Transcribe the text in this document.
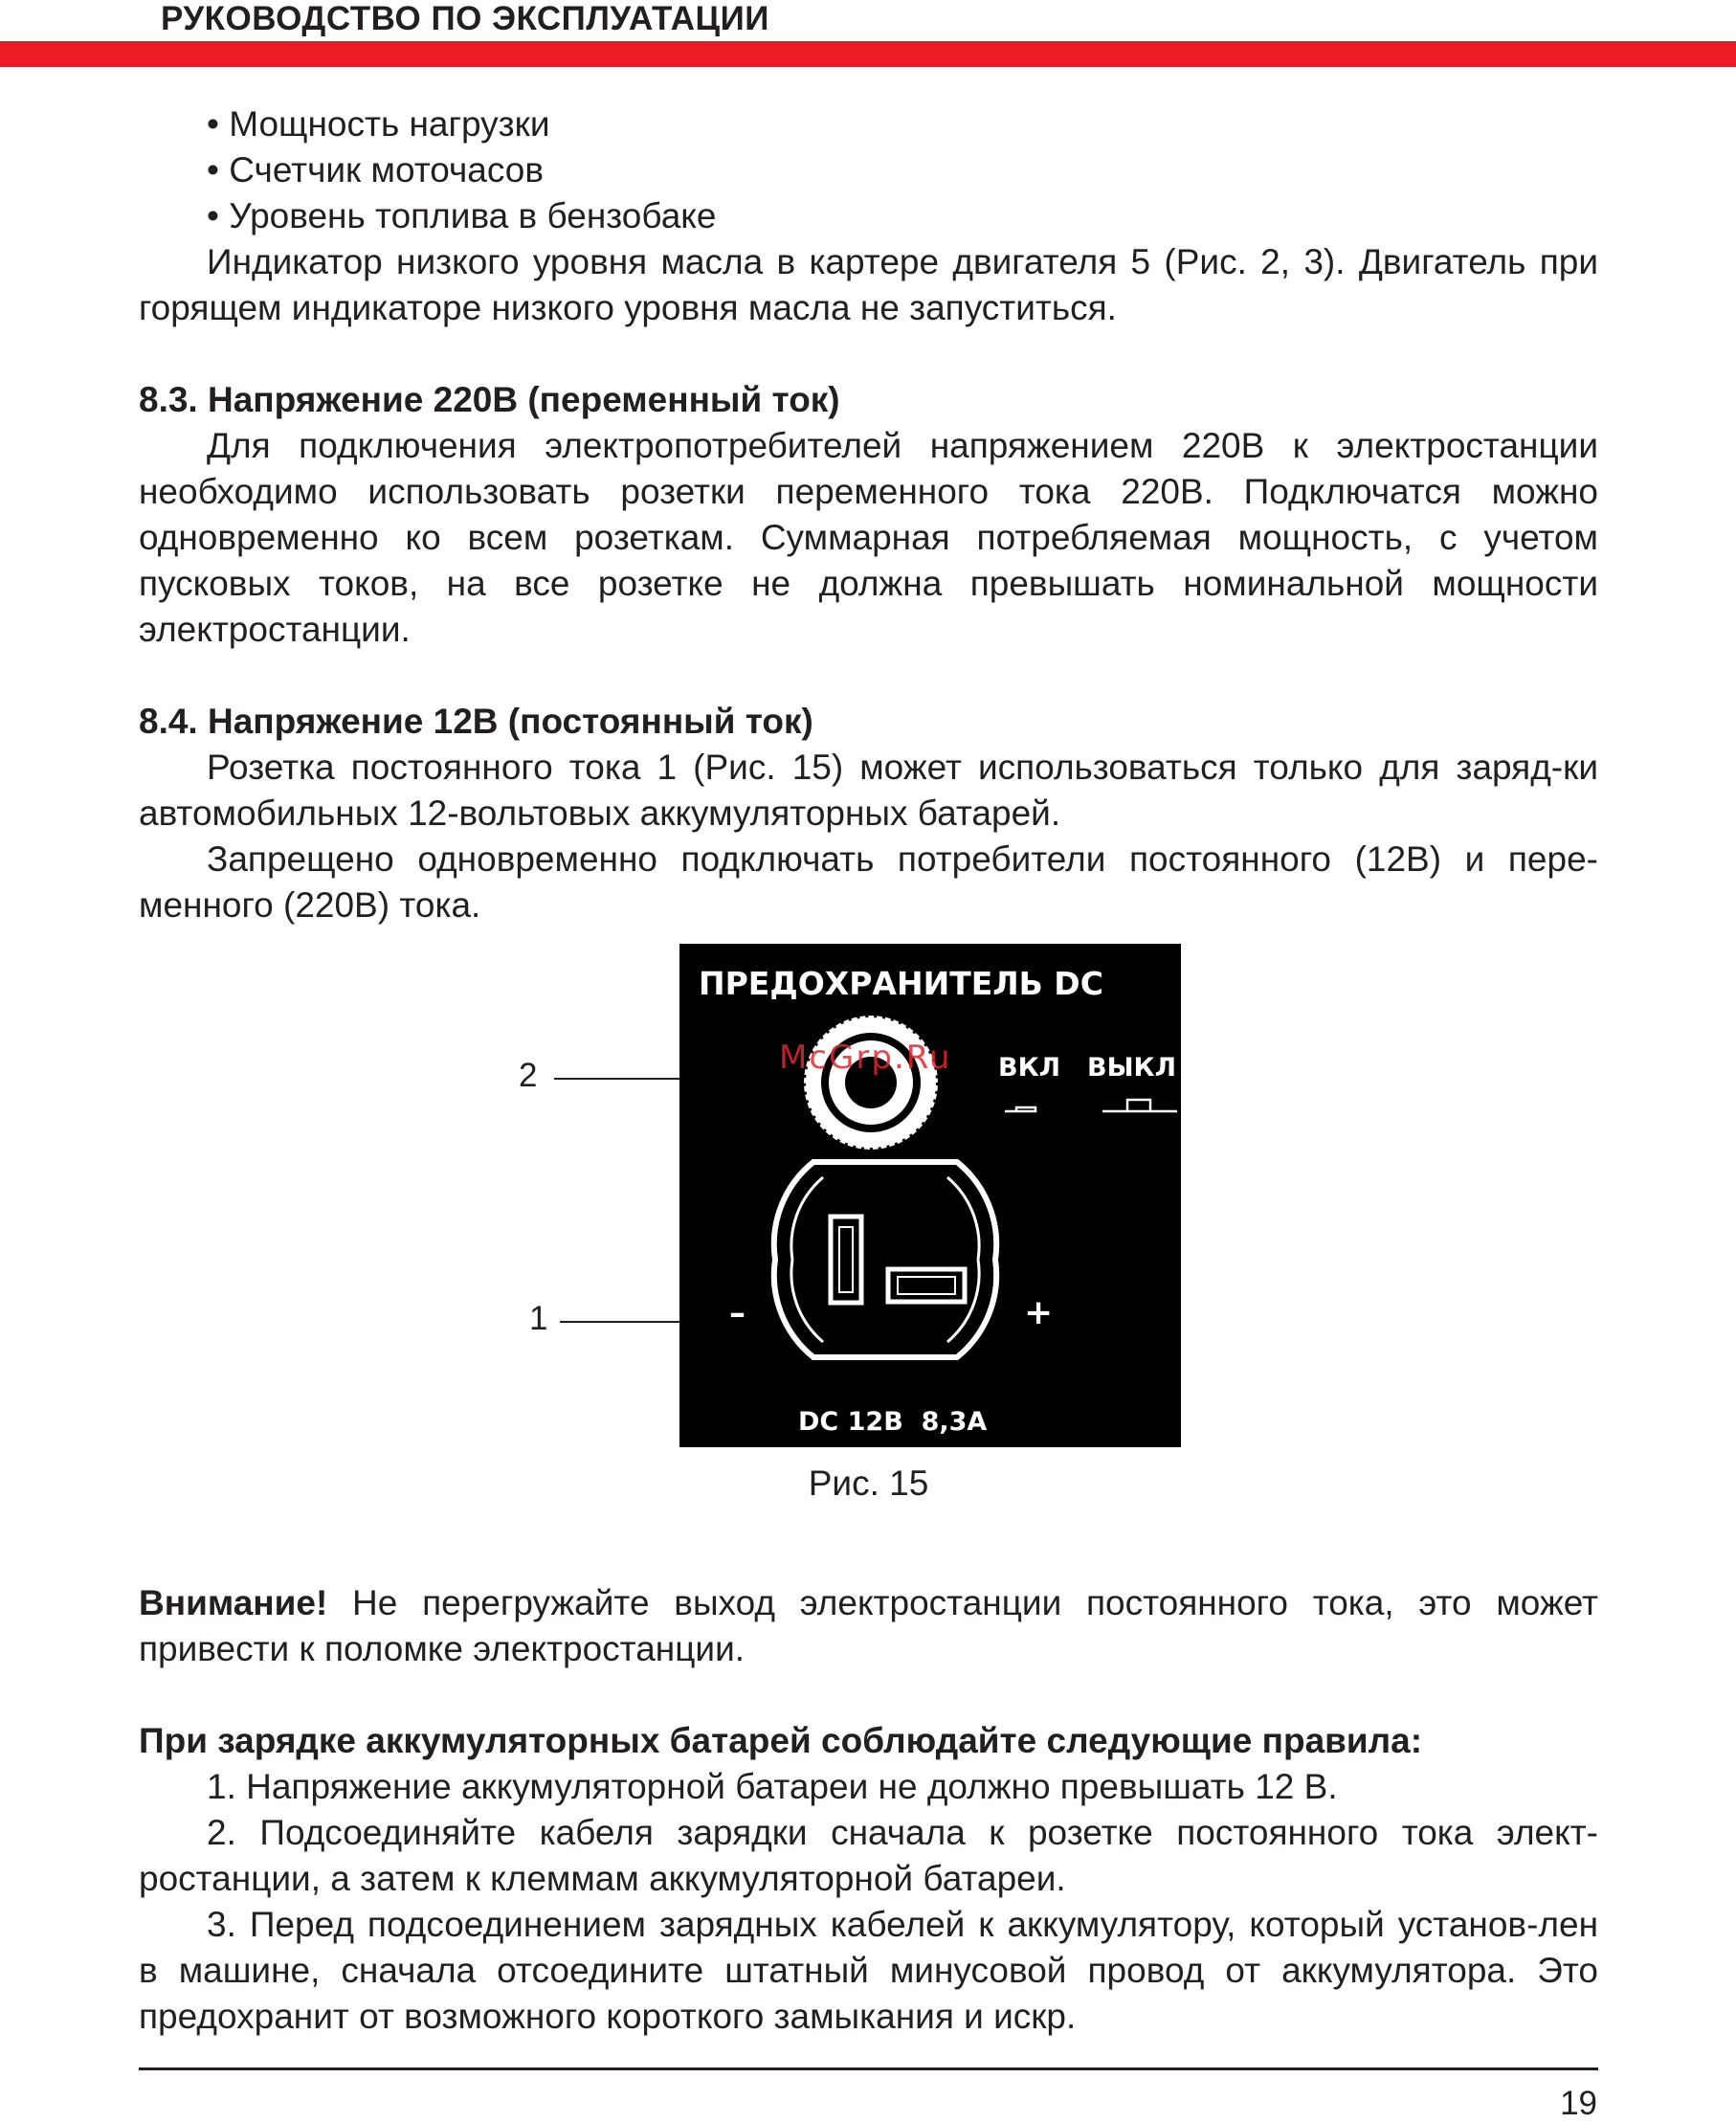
РУКОВОДСТВО ПО ЭКСПЛУАТАЦИИ

• Мощность нагрузки

• Счетчик моточасов

• Уровень топлива в бензобаке

Индикатор низкого уровня масла в картере двигателя 5 (Рис. 2, 3). Двигатель при горящем индикаторе низкого уровня масла не запуститься.

8.3. Напряжение 220В (переменный ток)

Для подключения электропотребителей напряжением 220В к электростанции необходимо использовать розетки переменного тока 220В. Подключатся можно одновременно ко всем розеткам. Суммарная потребляемая мощность, с учетом пусковых токов, на все розетке не должна превышать номинальной мощности электростанции.

8.4. Напряжение 12В (постоянный ток)

Розетка постоянного тока 1 (Рис. 15) может использоваться только для заряд-ки автомобильных 12-вольтовых аккумуляторных батарей.

Запрещено одновременно подключать потребители постоянного (12В) и пере-менного (220В) тока.

2
1
ПРЕДОХРАНИТЕЛЬ DC
McGrp.Ru ВКЛ ВЫКЛ
–	+
DC 12В  8,3А
Рис. 15

Внимание! Не перегружайте выход электростанции постоянного тока, это может привести к поломке электростанции.

При зарядке аккумуляторных батарей соблюдайте следующие правила:

1. Напряжение аккумуляторной батареи не должно превышать 12 В.

2. Подсоединяйте кабеля зарядки сначала к розетке постоянного тока элект-ростанции, а затем к клеммам аккумуляторной батареи.

3. Перед подсоединением зарядных кабелей к аккумулятору, который установ-лен в машине, сначала отсоедините штатный минусовой провод от аккумулятора. Это предохранит от возможного короткого замыкания и искр.

19
